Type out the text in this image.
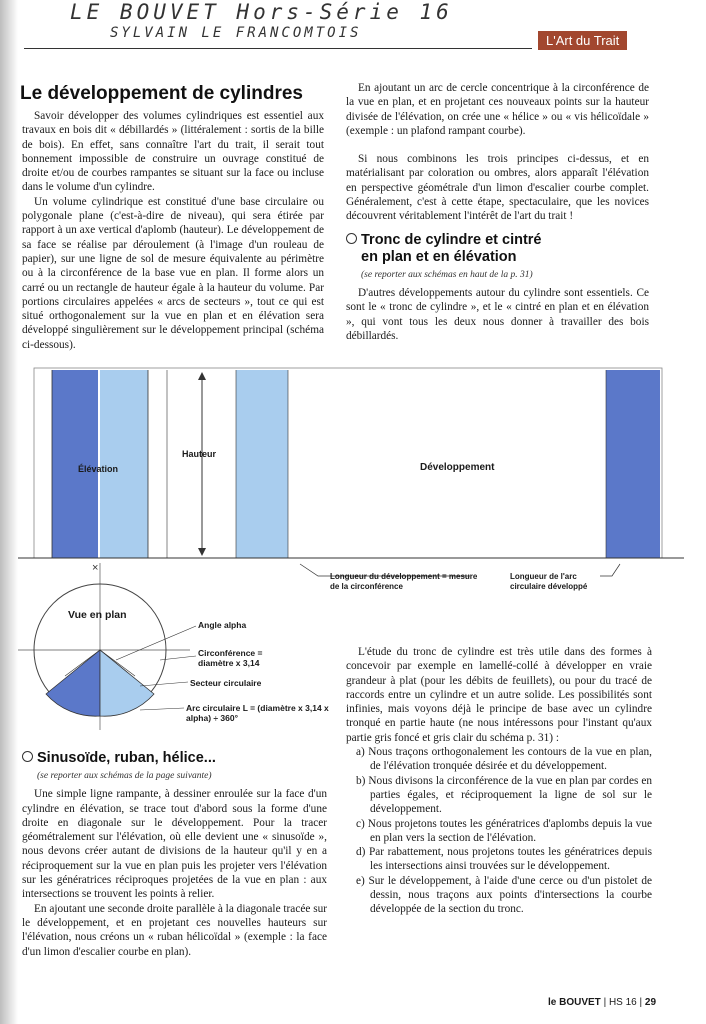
LE BOUVET Hors-Série 16
SYLVAIN LE FRANCOMTOIS	L'Art du Trait
Le développement de cylindres

Savoir développer des volumes cylindriques est essentiel aux travaux en bois dit « débillardés » (littéralement : sortis de la bille de bois). En effet, sans connaître l'art du trait, il serait tout bonnement impossible de construire un ouvrage constitué de droite et/ou de courbes rampantes se situant sur la face ou incluse dans le volume d'un cylindre.

Un volume cylindrique est constitué d'une base circulaire ou polygonale plane (c'est-à-dire de niveau), qui sera étirée par rapport à un axe vertical d'aplomb (hauteur). Le développement de sa face se réalise par déroulement (à l'image d'un rouleau de papier), sur une ligne de sol de mesure équivalente au périmètre ou à la circonférence de la base vue en plan. Il forme alors un carré ou un rectangle de hauteur égale à la hauteur du volume. Par portions circulaires appelées « arcs de secteurs », tout ce qui est situé orthogonalement sur la vue en plan et en élévation sera développé singulièrement sur le développement principal (schéma ci-dessous).

En ajoutant un arc de cercle concentrique à la circonférence de la vue en plan, et en projetant ces nouveaux points sur la hauteur divisée de l'élévation, on crée une « hélice » ou « vis hélicoïdale » (exemple : un plafond rampant courbe).

Si nous combinons les trois principes ci-dessus, et en matérialisant par coloration ou ombres, alors apparaît l'élévation en perspective géométrale d'un limon d'escalier courbe complet. Généralement, c'est à cette étape, spectaculaire, que les novices découvrent véritablement l'intérêt de l'art du trait !

Tronc de cylindre et cintré
en plan et en élévation
(se reporter aux schémas en haut de la p. 31)

D'autres développements autour du cylindre sont essentiels. Ce sont le « tronc de cylindre », et le « cintré en plan et en élévation », qui vont tous les deux nous donner à travailler des bois débillardés.

×
Élévation
Hauteur
Développement
Longueur du développement = mesure de la circonférence
Longueur de l'arc circulaire développé
Vue en plan
Angle alpha
Circonférence = diamètre x 3,14
Secteur circulaire
Arc circulaire L = (diamètre x 3,14 x alpha) ÷ 360°
Sinusoïde, ruban, hélice...
(se reporter aux schémas de la page suivante)

Une simple ligne rampante, à dessiner enroulée sur la face d'un cylindre en élévation, se trace tout d'abord sous la forme d'une droite en diagonale sur le développement. Pour la tracer géométralement sur l'élévation, où elle devient une « sinusoïde », nous devons créer autant de divisions de la hauteur qu'il y en a réciproquement sur la vue en plan puis les projeter vers l'élévation sur les génératrices réciproques projetées de la vue en plan : aux intersections se trouvent les points à relier.

En ajoutant une seconde droite parallèle à la diagonale tracée sur le développement, et en projetant ces nouvelles hauteurs sur l'élévation, nous créons un « ruban hélicoïdal » (exemple : la face d'un limon d'escalier courbe en plan).

L'étude du tronc de cylindre est très utile dans des formes à concevoir par exemple en lamellé-collé à développer en vraie grandeur à plat (pour les débits de feuillets), ou pour du tracé de raccords entre un cylindre et un autre solide. Les possibilités sont infinies, mais voyons déjà le principe de base avec un cylindre tronqué en partie haute (ne nous intéressons pour l'instant qu'aux partie gris foncé et gris clair du schéma p. 31) :

a) Nous traçons orthogonalement les contours de la vue en plan, de l'élévation tronquée désirée et du développement.
b) Nous divisons la circonférence de la vue en plan par cordes en parties égales, et réciproquement la ligne de sol sur le développement.
c) Nous projetons toutes les génératrices d'aplombs depuis la vue en plan vers la section de l'élévation.
d) Par rabattement, nous projetons toutes les génératrices depuis les intersections ainsi trouvées sur le développement.
e) Sur le développement, à l'aide d'une cerce ou d'un pistolet de dessin, nous traçons aux points d'intersections la courbe développée de la section du tronc.
le BOUVET | HS 16 | 29
